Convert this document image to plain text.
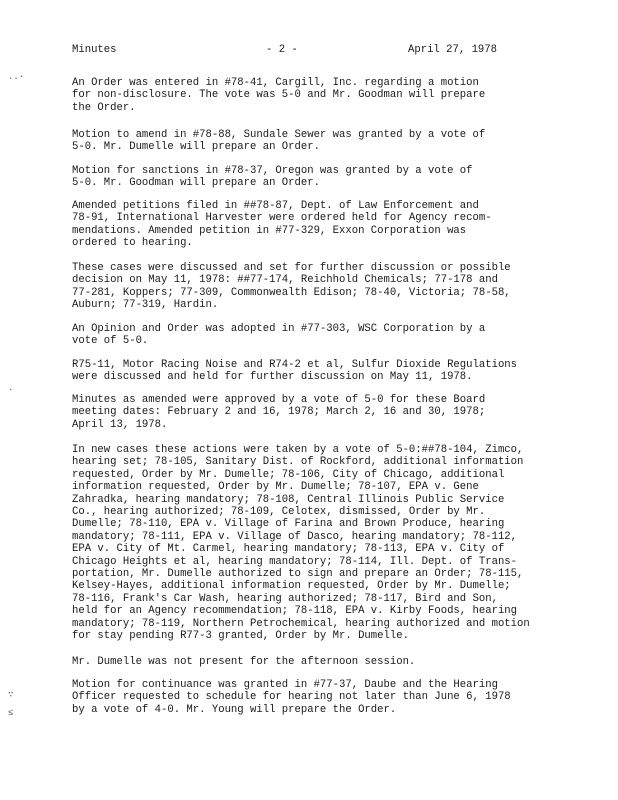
Minutes	- 2 -	April 27, 1978

An Order was entered in #78-41, Cargill, Inc. regarding a motion
for non-disclosure. The vote was 5-0 and Mr. Goodman will prepare
the Order.

Motion to amend in #78-88, Sundale Sewer was granted by a vote of
5-0. Mr. Dumelle will prepare an Order.

Motion for sanctions in #78-37, Oregon was granted by a vote of
5-0. Mr. Goodman will prepare an Order.

Amended petitions filed in ##78-87, Dept. of Law Enforcement and
78-91, International Harvester were ordered held for Agency recom-
mendations. Amended petition in #77-329, Exxon Corporation was
ordered to hearing.

These cases were discussed and set for further discussion or possible
decision on May 11, 1978: ##77-174, Reichhold Chemicals; 77-178 and
77-281, Koppers; 77-309, Commonwealth Edison; 78-40, Victoria; 78-58,
Auburn; 77-319, Hardin.

An Opinion and Order was adopted in #77-303, WSC Corporation by a
vote of 5-0.

R75-11, Motor Racing Noise and R74-2 et al, Sulfur Dioxide Regulations
were discussed and held for further discussion on May 11, 1978.

Minutes as amended were approved by a vote of 5-0 for these Board
meeting dates: February 2 and 16, 1978; March 2, 16 and 30, 1978;
April 13, 1978.

In new cases these actions were taken by a vote of 5-0:##78-104, Zimco,
hearing set; 78-105, Sanitary Dist. of Rockford, additional information
requested, Order by Mr. Dumelle; 78-106, City of Chicago, additional
information requested, Order by Mr. Dumelle; 78-107, EPA v. Gene
Zahradka, hearing mandatory; 78-108, Central Illinois Public Service
Co., hearing authorized; 78-109, Celotex, dismissed, Order by Mr.
Dumelle; 78-110, EPA v. Village of Farina and Brown Produce, hearing
mandatory; 78-111, EPA v. Village of Dasco, hearing mandatory; 78-112,
EPA v. City of Mt. Carmel, hearing mandatory; 78-113, EPA v. City of
Chicago Heights et al, hearing mandatory; 78-114, Ill. Dept. of Trans-
portation, Mr. Dumelle authorized to sign and prepare an Order; 78-115,
Kelsey-Hayes, additional information requested, Order by Mr. Dumelle;
78-116, Frank's Car Wash, hearing authorized; 78-117, Bird and Son,
held for an Agency recommendation; 78-118, EPA v. Kirby Foods, hearing
mandatory; 78-119, Northern Petrochemical, hearing authorized and motion
for stay pending R77-3 granted, Order by Mr. Dumelle.

Mr. Dumelle was not present for the afternoon session.

Motion for continuance was granted in #77-37, Daube and the Hearing
Officer requested to schedule for hearing not later than June 6, 1978
by a vote of 4-0. Mr. Young will prepare the Order.

..·
·
∵
≤
